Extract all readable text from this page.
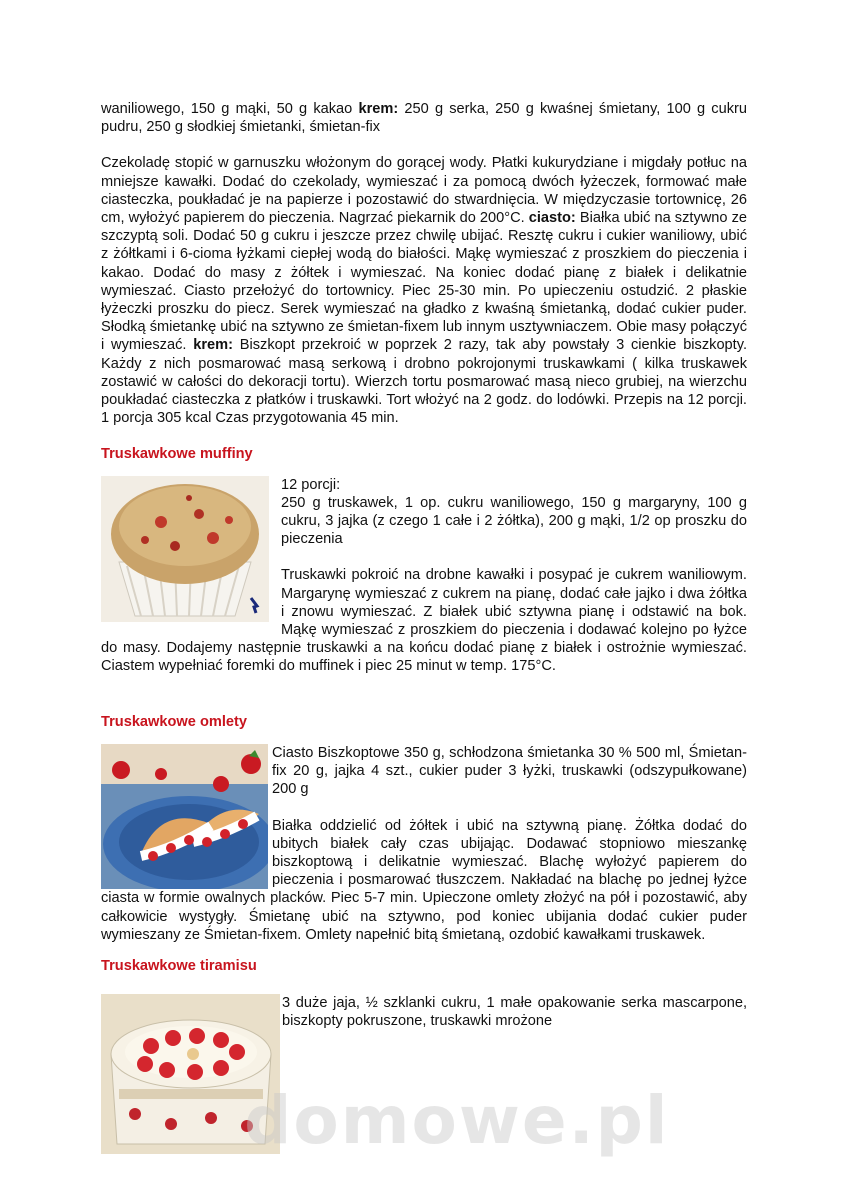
waniliowego, 150 g mąki, 50 g kakao krem: 250 g serka, 250 g kwaśnej śmietany, 100 g cukru pudru, 250 g słodkiej śmietanki, śmietan-fix

Czekoladę stopić w garnuszku włożonym do gorącej wody. Płatki kukurydziane i migdały potłuc na mniejsze kawałki. Dodać do czekolady, wymieszać i za pomocą dwóch łyżeczek, formować małe ciasteczka, poukładać je na papierze i pozostawić do stwardnięcia. W międzyczasie tortownicę, 26 cm, wyłożyć papierem do pieczenia. Nagrzać piekarnik do 200°C. ciasto: Białka ubić na sztywno ze szczyptą soli. Dodać 50 g cukru i jeszcze przez chwilę ubijać. Resztę cukru i cukier waniliowy, ubić z żółtkami i 6-cioma łyżkami ciepłej wodą do białości. Mąkę wymieszać z proszkiem do pieczenia i kakao. Dodać do masy z żółtek i wymieszać. Na koniec dodać pianę z białek i delikatnie wymieszać. Ciasto przełożyć do tortownicy. Piec 25-30 min. Po upieczeniu ostudzić. 2 płaskie łyżeczki proszku do piecz. Serek wymieszać na gładko z kwaśną śmietanką, dodać cukier puder. Słodką śmietankę ubić na sztywno ze śmietan-fixem lub innym usztywniaczem. Obie masy połączyć i wymieszać. krem: Biszkopt przekroić w poprzek 2 razy, tak aby powstały 3 cienkie biszkopty. Każdy z nich posmarować masą serkową i drobno pokrojonymi truskawkami ( kilka truskawek zostawić w całości do dekoracji tortu). Wierzch tortu posmarować masą nieco grubiej, na wierzchu poukładać ciasteczka z płatków i truskawki. Tort włożyć na 2 godz. do lodówki. Przepis na 12 porcji. 1 porcja 305 kcal Czas przygotowania 45 min.

Truskawkowe muffiny

12 porcji:

250 g truskawek, 1 op. cukru waniliowego, 150 g margaryny, 100 g cukru, 3 jajka (z czego 1 całe i 2 żółtka), 200 g mąki, 1/2 op proszku do pieczenia

Truskawki pokroić na drobne kawałki i posypać je cukrem waniliowym. Margarynę wymieszać z cukrem na pianę, dodać całe jajko i dwa żółtka i znowu wymieszać. Z białek ubić sztywna pianę i odstawić na bok. Mąkę wymieszać z proszkiem do pieczenia i dodawać kolejno po łyżce do masy. Dodajemy następnie truskawki a na końcu dodać pianę z białek i ostrożnie wymieszać. Ciastem wypełniać foremki do muffinek i piec 25 minut w temp. 175°C.

Truskawkowe omlety

Ciasto Biszkoptowe 350 g, schłodzona śmietanka 30 % 500 ml, Śmietan-fix 20 g, jajka 4 szt., cukier puder 3 łyżki, truskawki (odszypułkowane) 200 g

Białka oddzielić od żółtek i ubić na sztywną pianę. Żółtka dodać do ubitych białek cały czas ubijając. Dodawać stopniowo mieszankę biszkoptową i delikatnie wymieszać. Blachę wyłożyć papierem do pieczenia i posmarować tłuszczem. Nakładać na blachę po jednej łyżce ciasta w formie owalnych placków. Piec 5-7 min. Upieczone omlety złożyć na pół i pozostawić, aby całkowicie wystygły. Śmietanę ubić na sztywno, pod koniec ubijania dodać cukier puder wymieszany ze Śmietan-fixem. Omlety napełnić bitą śmietaną, ozdobić kawałkami truskawek.

Truskawkowe tiramisu

3 duże jaja, ½ szklanki cukru, 1 małe opakowanie serka mascarpone, biszkopty pokruszone, truskawki mrożone

domowe.pl
